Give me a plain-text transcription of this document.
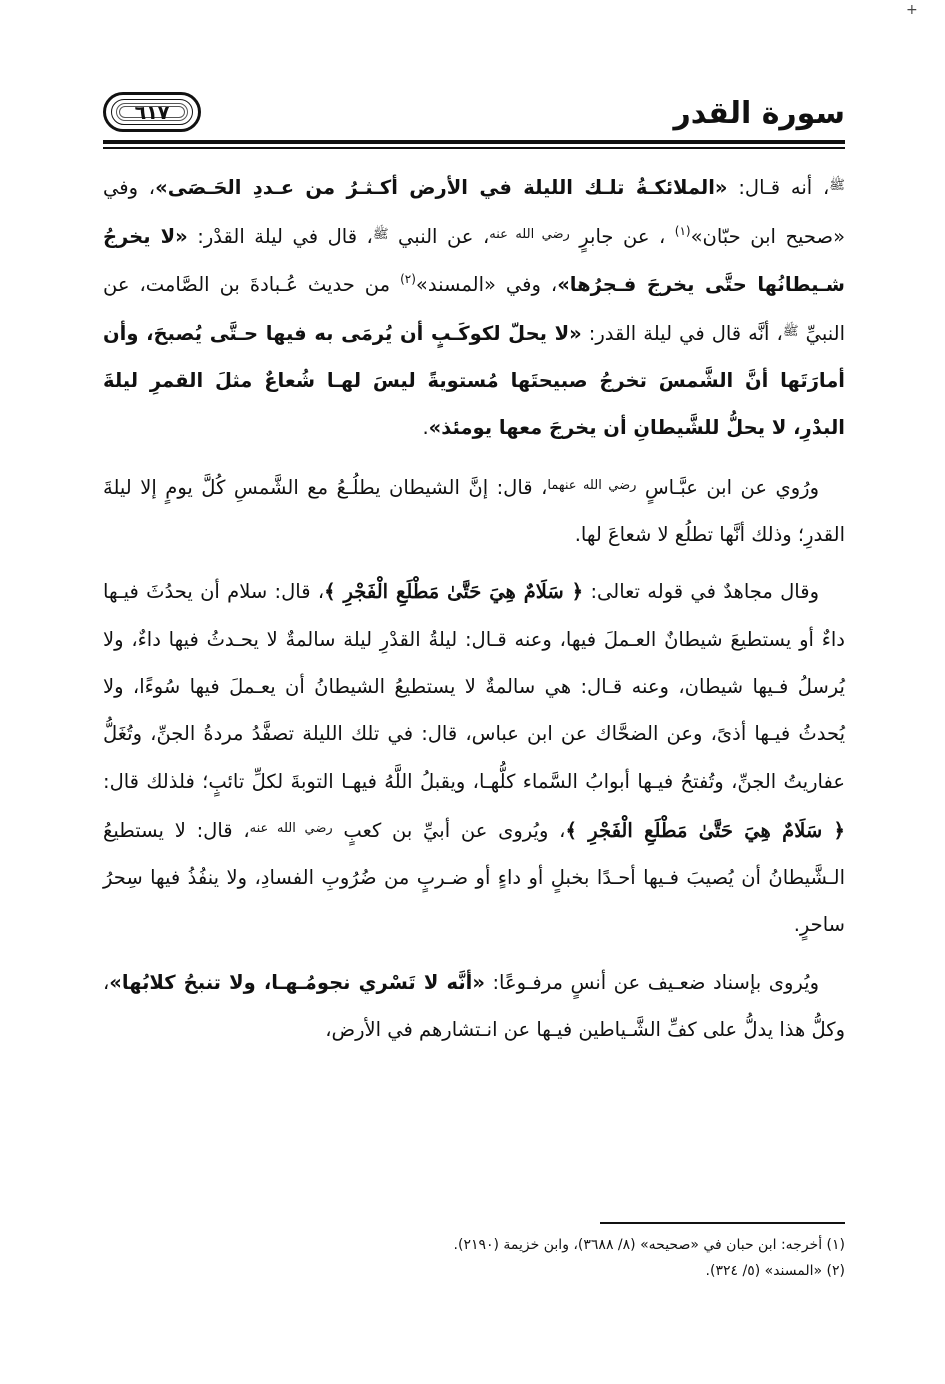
+
سورة القدر
٦١٧

$^ﷺ$، أنه قـال: «الملائكـةُ تلـك الليلة في الأرض أكـثـرُ من عـددِ الحَـصَى»، وفي «صحيح ابن حبّان»$^{(١)}$ ، عن جابرٍ $^{رضي الله عنه}$، عن النبي $^ﷺ$، قال في ليلة القدْر: «لا يخرجُ شـيطانُها حتَّى يخرجَ فـجرُها»، وفي «المسند»$^{(٢)}$ من حديث عُـبادةَ بن الصَّامت، عن النبيِّ $^ﷺ$، أنَّه قال في ليلة القدر: «لا يحلّ لكوكَـبٍ أن يُرمَى به فيها حـتَّى يُصبحَ، وأن أمارَتَها أنَّ الشَّمسَ تخرجُ صبيحتَها مُستويةً ليسَ لهـا شُعاعٌ مثلَ القمرِ ليلةَ البدْرِ، لا يحلُّ للشَّيطانِ أن يخرجَ معها يومئذ».

ورُوي عن ابن عبَّـاسٍ $^{رضي الله عنهما}$، قال: إنَّ الشيطان يطلُـعُ مع الشَّمسِ كُلَّ يومٍ إلا ليلةَ القدرِ؛ وذلك أنَّها تطلُع لا شعاعَ لها.

وقال مجاهدٌ في قوله تعالى: ﴿ سَلَامٌ هِيَ حَتَّىٰ مَطْلَعِ الْفَجْرِ ﴾، قال: سلام أن يحدُثَ فيـها داءٌ أو يستطيعَ شيطانٌ العـملَ فيها، وعنه قـال: ليلةُ القدْرِ ليلة سالمةٌ لا يحـدثُ فيها داءٌ، ولا يُرسلُ فـيها شيطان، وعنه قـال: هي سالمةٌ لا يستطيعُ الشيطانُ أن يعـملَ فيها سُوءًا، ولا يُحدثُ فيـها أذىً، وعن الضحَّاك عن ابن عباس، قال: في تلك الليلة تصفَّدُ مردةُ الجنِّ، وتُغَلُّ عفاريتُ الجنِّ، وتُفتحُ فيـها أبوابُ السَّماء كلُّهـا، ويقبلُ اللَّهُ فيهـا التوبةَ لكلِّ تائبٍ؛ فلذلك قال: ﴿ سَلَامٌ هِيَ حَتَّىٰ مَطْلَعِ الْفَجْرِ ﴾، ويُروى عن أبيِّ بن كعبٍ $^{رضي الله عنه}$، قال: لا يستطيعُ الـشَّيطانُ أن يُصيبَ فـيها أحـدًا بخبلٍ أو داءٍ أو ضـربٍ من ضُرُوبِ الفسادِ، ولا ينفُذُ فيها سِحرُ ساحرٍ.

ويُروى بإسناد ضعـيف عن أنسٍ مرفـوعًا: «أنَّه لا تَسْري نجومُـهـا، ولا تنبحُ كلابُها»، وكلُّ هذا يدلُّ على كفِّ الشَّـياطين فيـها عن انـتشارهم في الأرض،

(١) أخرجه: ابن حبان في «صحيحه» (٨/ ٣٦٨٨)، وابن خزيمة (٢١٩٠).

(٢) «المسند» (٥/ ٣٢٤).
